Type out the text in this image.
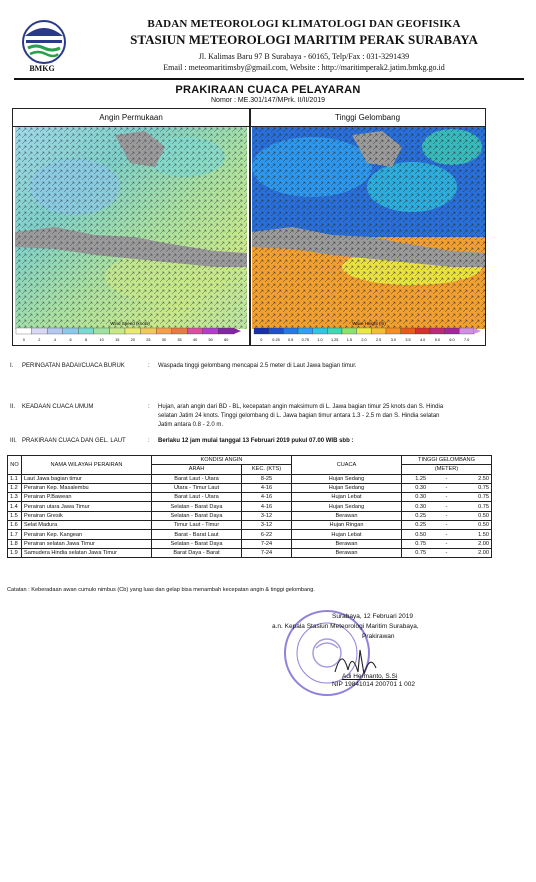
BMKG
BADAN METEOROLOGI KLIMATOLOGI DAN GEOFISIKA
STASIUN METEOROLOGI MARITIM PERAK SURABAYA
Jl. Kalimas Baru 97 B Surabaya - 60165, Telp/Fax : 031-3291439
Email : meteomaritimsby@gmail.com, Website : http://maritimperak2.jatim.bmkg.go.id
PRAKIRAAN CUACA PELAYARAN
Nomor : ME.301/147/MPrk. II/II/2019
Angin Permukaan	Tinggi Gelombang
Wind Speed (knots)
0	2	4	6	8	10	15	20	25	30	35	40	50	60
Wave Height (m)
0	0.25 0.5 0.75 1.0 1.25 1.5 2.0 2.5 3.0 3.5 4.0 5.0 6.0 7.0
I. PERINGATAN BADAI/CUACA BURUK	: Waspada tinggi gelombang mencapai 2.5 meter di Laut Jawa bagian timur.
II. KEADAAN CUACA UMUM	: Hujan, arah angin dari BD - BL, kecepatan angin maksimum di L. Jawa bagian timur 25 knots dan S. Hindia
selatan Jatim 24 knots. Tinggi gelombang di L. Jawa bagian timur antara 1.3 - 2.5 m dan S. Hindia selatan
Jatim antara 0.8 - 2.0 m.
III. PRAKIRAAN CUACA DAN GEL. LAUT	: Berlaku 12 jam mulai tanggal 13 Februari 2019 pukul 07.00 WIB sbb :
NO	NAMA WILAYAH PERAIRAN	KONDISI ANGIN		CUACA	TINGGI GELOMBANG		
		ARAH	KEC. (KTS)		(METER)		
1.1	Laut Jawa bagian timur	Barat Laut - Utara	8-25	Hujan Sedang	1.25	-	2.50
1.2	Perairan Kep. Masalembu	Utara - Timur Laut	4-16	Hujan Sedang	0.30	-	0.75
1.3	Perairan P.Bawean	Barat Laut - Utara	4-16	Hujan Lebat	0.30	-	0.75
1.4	Perairan utara Jawa Timur	Selatan - Barat Daya	4-16	Hujan Sedang	0.30	-	0.75
1.5	Perairan Gresik	Selatan - Barat Daya	3-12	Berawan	0.25	-	0.50
1.6	Selat Madura	Timur Laut - Timur	3-12	Hujan Ringan	0.25	-	0.50
1.7	Perairan Kep. Kangean	Barat - Barat Laut	6-22	Hujan Lebat	0.50	-	1.50
1.8	Perairan selatan Jawa Timur	Selatan - Barat Daya	7-24	Berawan	0.75	-	2.00
1.9	Samudera Hindia selatan Jawa Timur	Barat Daya - Barat	7-24	Berawan	0.75	-	2.00
Catatan : Keberadaan awan cumulo nimbus (Cb) yang luas dan gelap bisa menambah kecepatan angin & tinggi gelombang.
Surabaya, 12 Februari 2019
a.n. Kepala Stasiun Meteorologi Maritim Surabaya,
Prakirawan
Adi Hermanto, S.Si
NIP 19841014 200701 1 002
